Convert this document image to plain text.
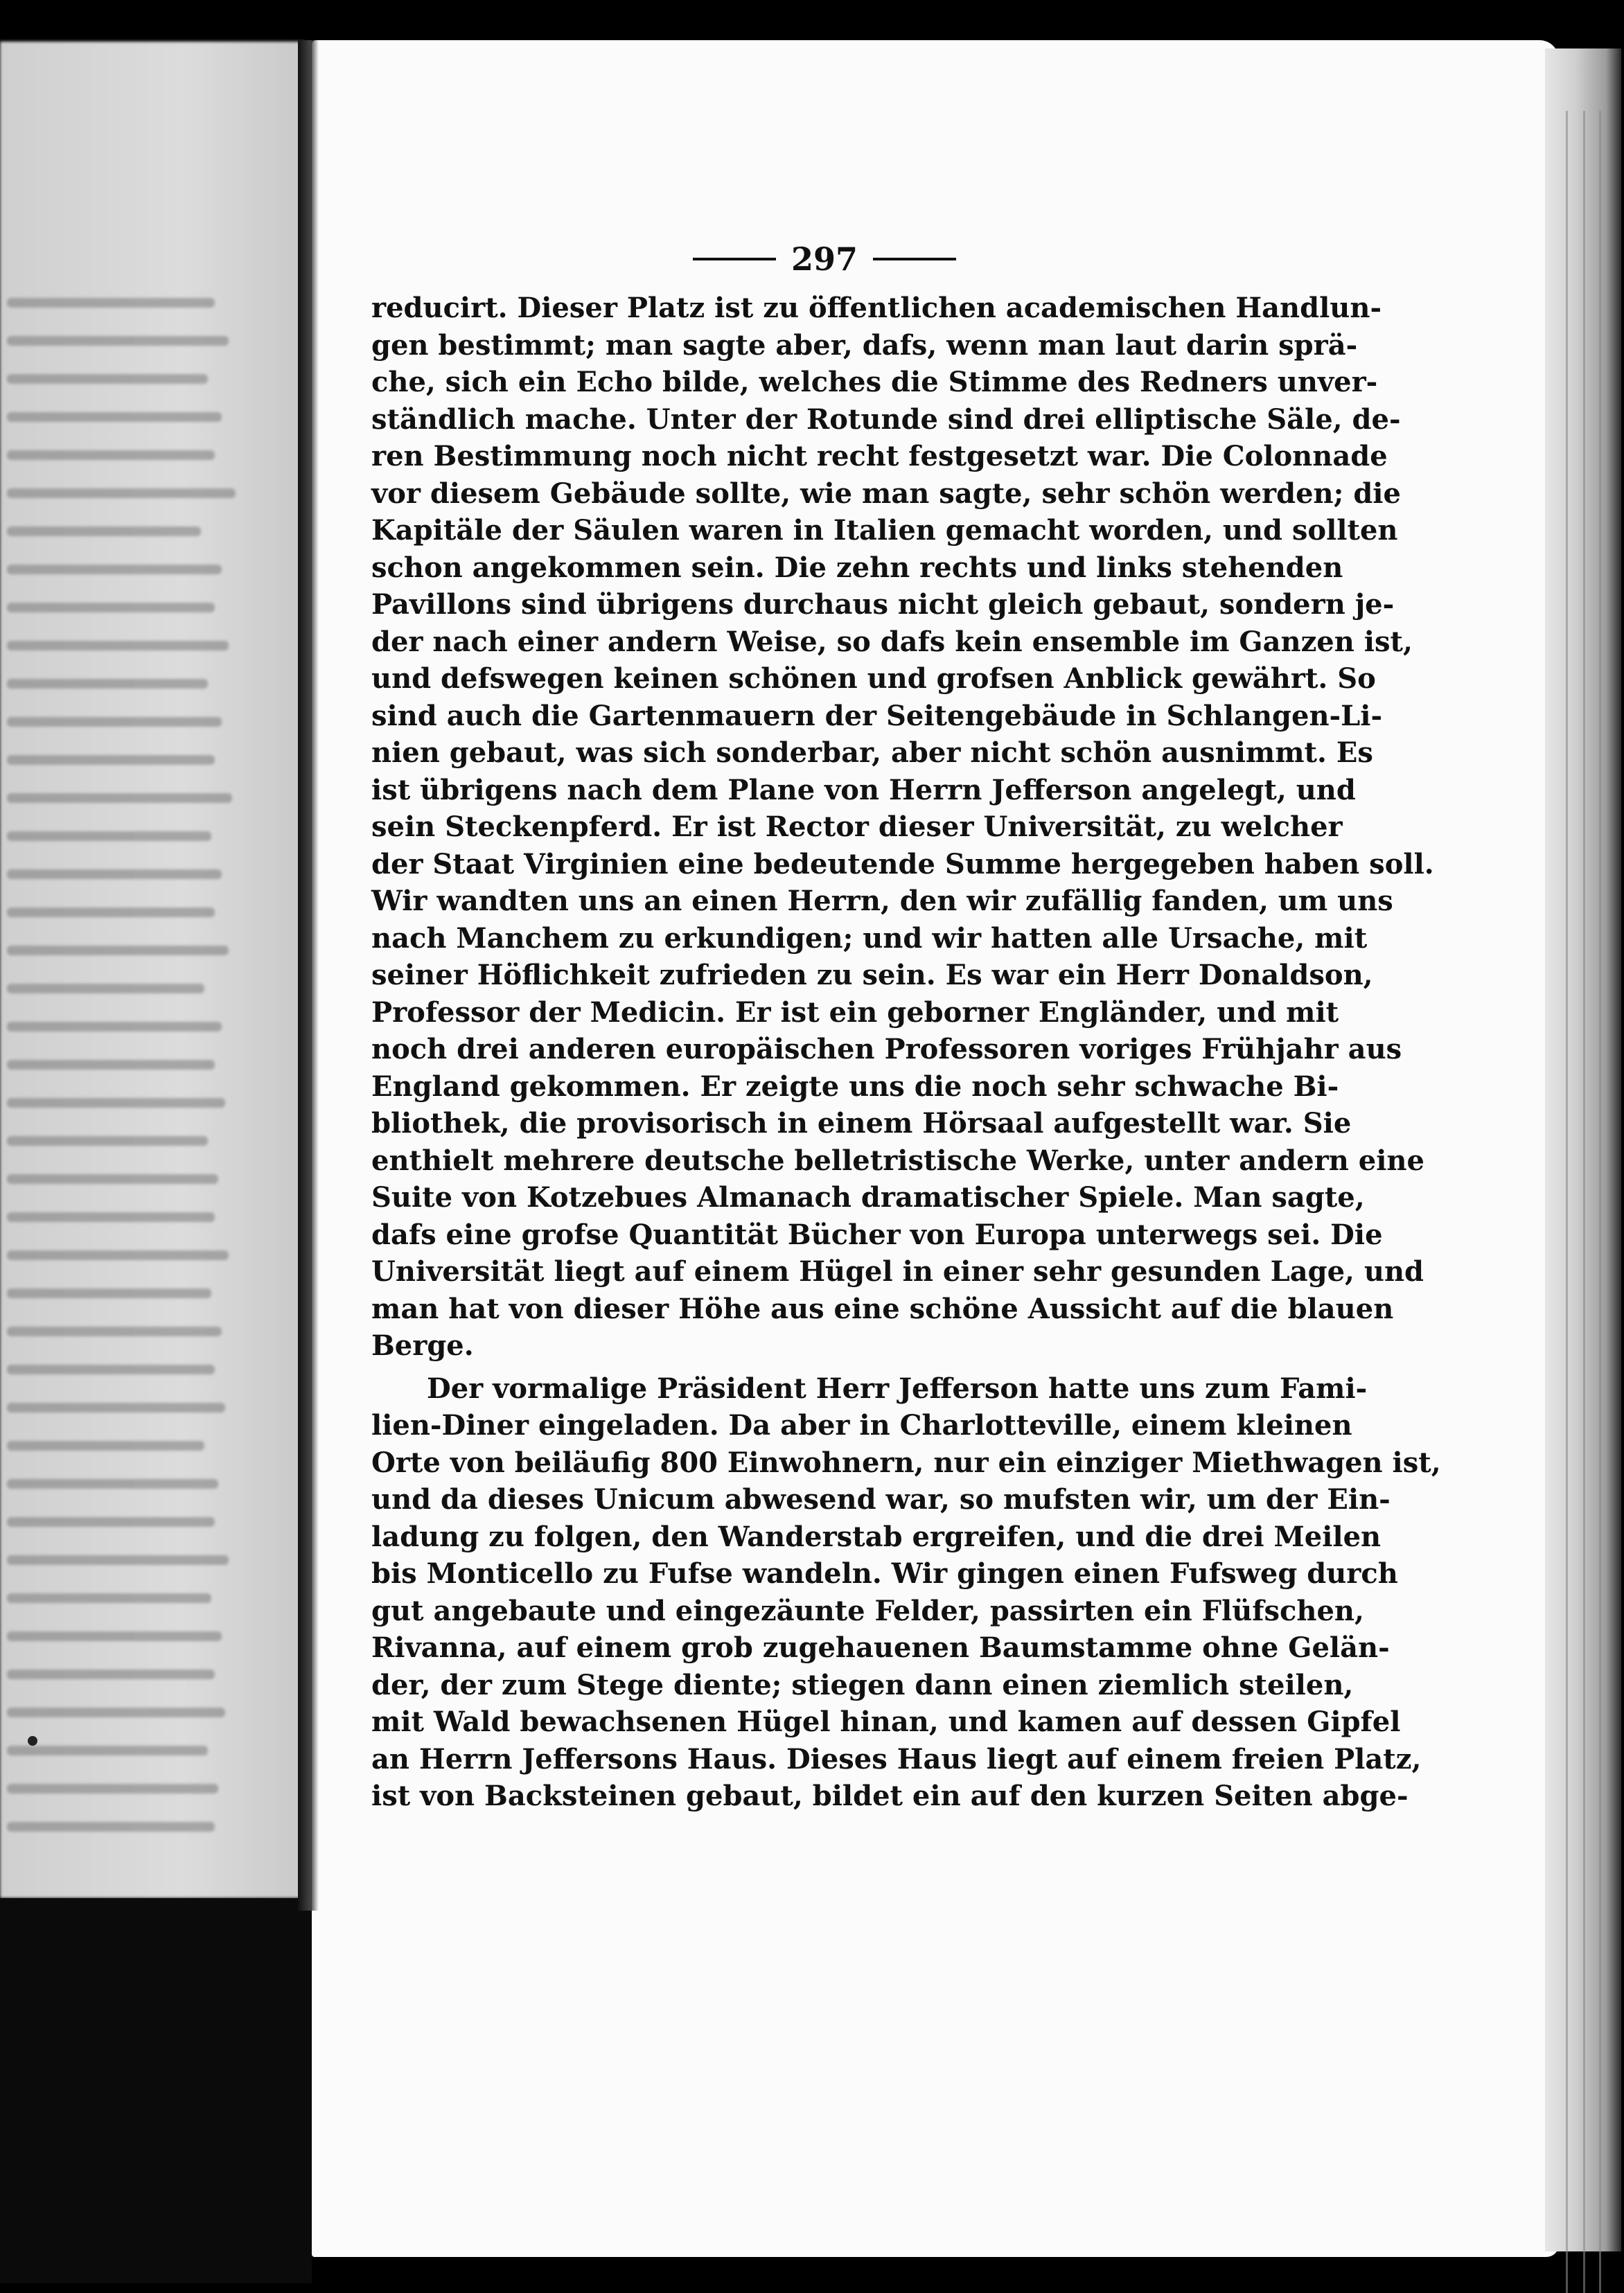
297
reducirt. Dieser Platz ist zu öffentlichen academischen Handlun-
gen bestimmt; man sagte aber, dafs, wenn man laut darin sprä-
che, sich ein Echo bilde, welches die Stimme des Redners unver-
ständlich mache. Unter der Rotunde sind drei elliptische Säle, de-
ren Bestimmung noch nicht recht festgesetzt war. Die Colonnade
vor diesem Gebäude sollte, wie man sagte, sehr schön werden; die
Kapitäle der Säulen waren in Italien gemacht worden, und sollten
schon angekommen sein. Die zehn rechts und links stehenden
Pavillons sind übrigens durchaus nicht gleich gebaut, sondern je-
der nach einer andern Weise, so dafs kein ensemble im Ganzen ist,
und defswegen keinen schönen und grofsen Anblick gewährt. So
sind auch die Gartenmauern der Seitengebäude in Schlangen-Li-
nien gebaut, was sich sonderbar, aber nicht schön ausnimmt. Es
ist übrigens nach dem Plane von Herrn Jefferson angelegt, und
sein Steckenpferd. Er ist Rector dieser Universität, zu welcher
der Staat Virginien eine bedeutende Summe hergegeben haben soll.
Wir wandten uns an einen Herrn, den wir zufällig fanden, um uns
nach Manchem zu erkundigen; und wir hatten alle Ursache, mit
seiner Höflichkeit zufrieden zu sein. Es war ein Herr Donaldson,
Professor der Medicin. Er ist ein geborner Engländer, und mit
noch drei anderen europäischen Professoren voriges Frühjahr aus
England gekommen. Er zeigte uns die noch sehr schwache Bi-
bliothek, die provisorisch in einem Hörsaal aufgestellt war. Sie
enthielt mehrere deutsche belletristische Werke, unter andern eine
Suite von Kotzebues Almanach dramatischer Spiele. Man sagte,
dafs eine grofse Quantität Bücher von Europa unterwegs sei. Die
Universität liegt auf einem Hügel in einer sehr gesunden Lage, und
man hat von dieser Höhe aus eine schöne Aussicht auf die blauen
Berge.
Der vormalige Präsident Herr Jefferson hatte uns zum Fami-
lien-Diner eingeladen. Da aber in Charlotteville, einem kleinen
Orte von beiläufig 800 Einwohnern, nur ein einziger Miethwagen ist,
und da dieses Unicum abwesend war, so mufsten wir, um der Ein-
ladung zu folgen, den Wanderstab ergreifen, und die drei Meilen
bis Monticello zu Fufse wandeln. Wir gingen einen Fufsweg durch
gut angebaute und eingezäunte Felder, passirten ein Flüfschen,
Rivanna, auf einem grob zugehauenen Baumstamme ohne Gelän-
der, der zum Stege diente; stiegen dann einen ziemlich steilen,
mit Wald bewachsenen Hügel hinan, und kamen auf dessen Gipfel
an Herrn Jeffersons Haus. Dieses Haus liegt auf einem freien Platz,
ist von Backsteinen gebaut, bildet ein auf den kurzen Seiten abge-
